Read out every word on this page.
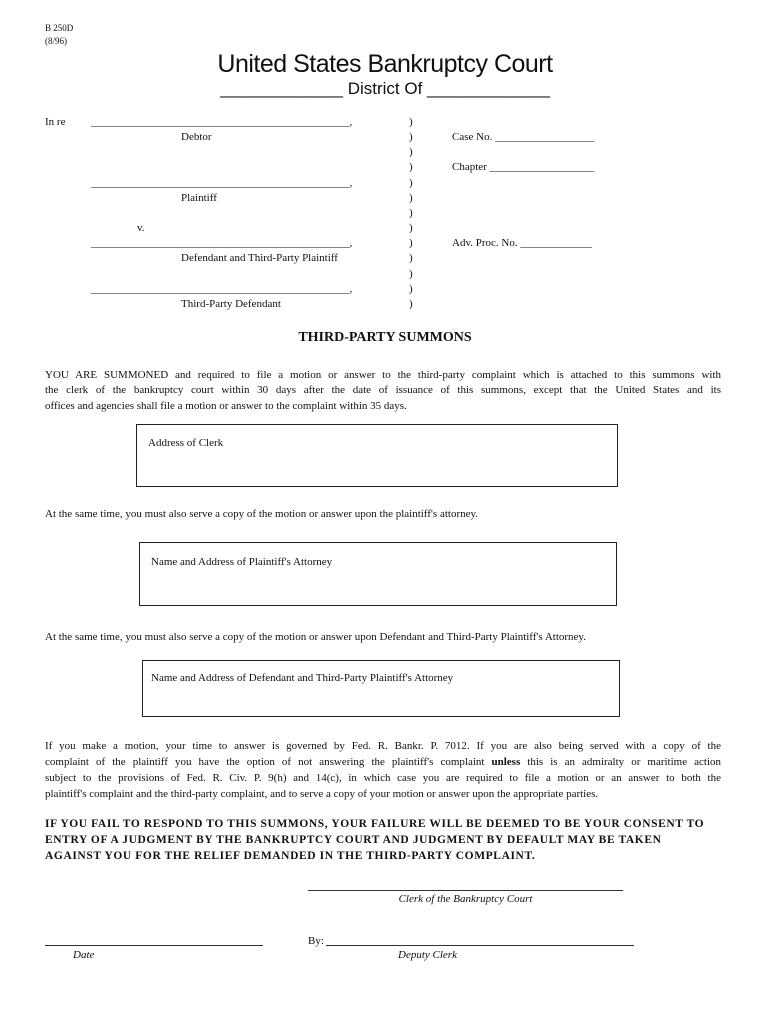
B 250D
(8/96)
United States Bankruptcy Court
_____________ District Of _____________
In re _______________________________________________,
Debtor
_______________________________________________,
Plaintiff
v.
_______________________________________________,
Defendant and Third-Party Plaintiff
_______________________________________________,
Third-Party Defendant
)
)
)
)
)
)
)
)
)
)
)
)
)
Case No. __________________
Chapter ___________________
Adv. Proc. No. _____________
THIRD-PARTY SUMMONS
YOU ARE SUMMONED and required to file a motion or answer to the third-party complaint which is attached to this summons with
the clerk of the bankruptcy court within 30 days after the date of issuance of this summons, except that the United States and its
offices and agencies shall file a motion or answer to the complaint within 35 days.
Address of Clerk
At the same time, you must also serve a copy of the motion or answer upon the plaintiff's attorney.
Name and Address of Plaintiff's Attorney
At the same time, you must also serve a copy of the motion or answer upon Defendant and Third-Party Plaintiff's Attorney.
Name and Address of Defendant and Third-Party Plaintiff's Attorney
If you make a motion, your time to answer is governed by Fed. R. Bankr. P. 7012. If you are also being served with a copy of the
complaint of the plaintiff you have the option of not answering the plaintiff's complaint unless this is an admiralty or maritime action
subject to the provisions of Fed. R. Civ. P. 9(h) and 14(c), in which case you are required to file a motion or an answer to both the
plaintiff's complaint and the third-party complaint, and to serve a copy of your motion or answer upon the appropriate parties.
IF YOU FAIL TO RESPOND TO THIS SUMMONS, YOUR FAILURE WILL BE DEEMED TO BE YOUR CONSENT TO
ENTRY OF A JUDGMENT BY THE BANKRUPTCY COURT AND JUDGMENT BY DEFAULT MAY BE TAKEN
AGAINST YOU FOR THE RELIEF DEMANDED IN THE THIRD-PARTY COMPLAINT.
Clerk of the Bankruptcy Court
Date
By:
Deputy Clerk
